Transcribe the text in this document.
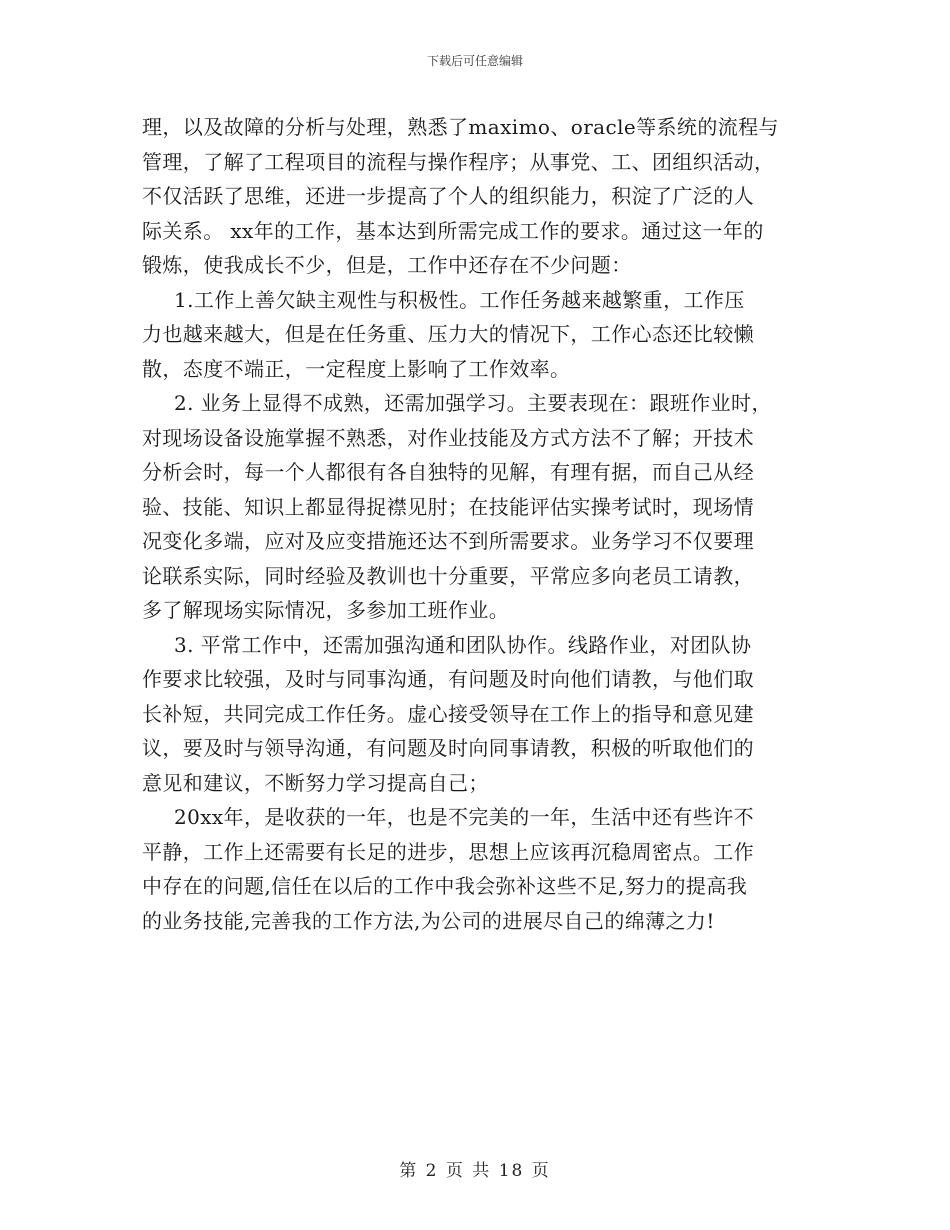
下载后可任意编辑
理，以及故障的分析与处理，熟悉了maximo、oracle等系统的流程与
管理，了解了工程项目的流程与操作程序；从事党、工、团组织活动，
不仅活跃了思维，还进一步提高了个人的组织能力，积淀了广泛的人
际关系。 xx年的工作，基本达到所需完成工作的要求。通过这一年的
锻炼，使我成长不少，但是，工作中还存在不少问题：
1.工作上善欠缺主观性与积极性。工作任务越来越繁重，工作压
力也越来越大，但是在任务重、压力大的情况下，工作心态还比较懒
散，态度不端正，一定程度上影响了工作效率。
2. 业务上显得不成熟，还需加强学习。主要表现在：跟班作业时，
对现场设备设施掌握不熟悉，对作业技能及方式方法不了解；开技术
分析会时，每一个人都很有各自独特的见解，有理有据，而自己从经
验、技能、知识上都显得捉襟见肘；在技能评估实操考试时，现场情
况变化多端，应对及应变措施还达不到所需要求。业务学习不仅要理
论联系实际，同时经验及教训也十分重要，平常应多向老员工请教，
多了解现场实际情况，多参加工班作业。
3. 平常工作中，还需加强沟通和团队协作。线路作业，对团队协
作要求比较强，及时与同事沟通，有问题及时向他们请教，与他们取
长补短，共同完成工作任务。虚心接受领导在工作上的指导和意见建
议，要及时与领导沟通，有问题及时向同事请教，积极的听取他们的
意见和建议，不断努力学习提高自己；
20xx年，是收获的一年，也是不完美的一年，生活中还有些许不
平静，工作上还需要有长足的进步，思想上应该再沉稳周密点。工作
中存在的问题,信任在以后的工作中我会弥补这些不足,努力的提高我
的业务技能,完善我的工作方法,为公司的进展尽自己的绵薄之力!
第 2 页 共 18 页
